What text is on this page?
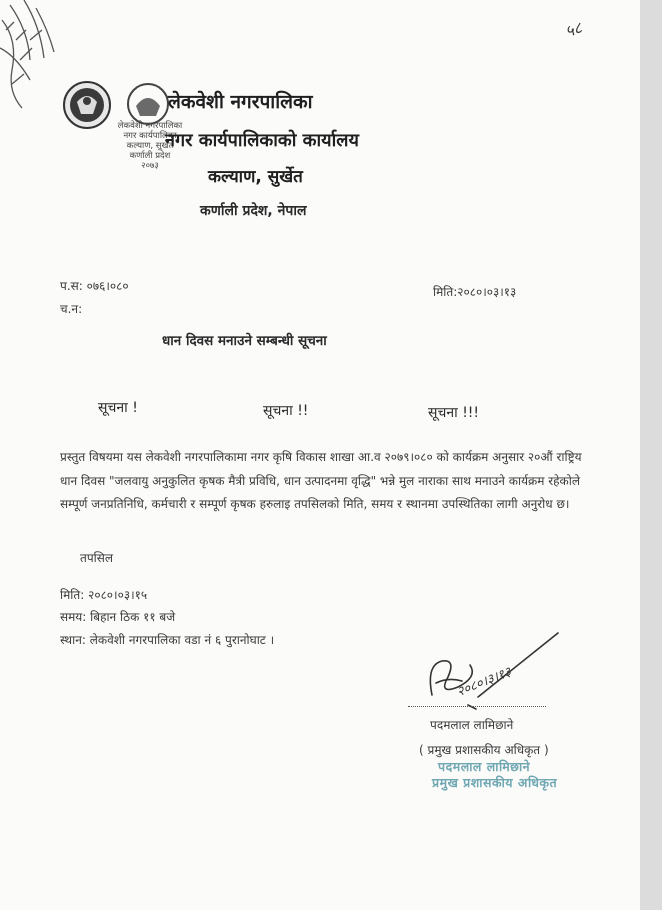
लेकवेशी नगरपालिका
नगर कार्यपालिका
कल्याण, सुर्खेत
कर्णाली प्रदेश
२०७३

लेकवेशी नगरपालिका

नगर कार्यपालिकाको कार्यालय

कल्याण, सुर्खेत

कर्णाली प्रदेश, नेपाल

५८

प.स: ०७६।०८०

च.न:

मिति:२०८०।०३।१३

धान दिवस मनाउने सम्बन्धी सूचना

सूचना !	सूचना !!	सूचना !!!

प्रस्तुत विषयमा यस लेकवेशी नगरपालिकामा नगर कृषि विकास शाखा आ.व २०७९।०८० को कार्यक्रम अनुसार २०औं राष्ट्रिय धान दिवस "जलवायु अनुकुलित कृषक मैत्री प्रविधि, धान उत्पादनमा वृद्धि" भन्ने मुल नाराका साथ मनाउने कार्यक्रम रहेकोले सम्पूर्ण जनप्रतिनिधि, कर्मचारी र सम्पूर्ण कृषक हरुलाइ तपसिलको मिति, समय र स्थानमा उपस्थितिका लागी अनुरोध छ।

तपसिल

मिति: २०८०।०३।१५

समय: बिहान ठिक ११ बजे

स्थान: लेकवेशी नगरपालिका वडा नं ६ पुरानोघाट ।

२०८०।३।१३

पदमलाल लामिछाने

( प्रमुख प्रशासकीय अधिकृत )

पदमलाल लामिछाने

प्रमुख प्रशासकीय अधिकृत
